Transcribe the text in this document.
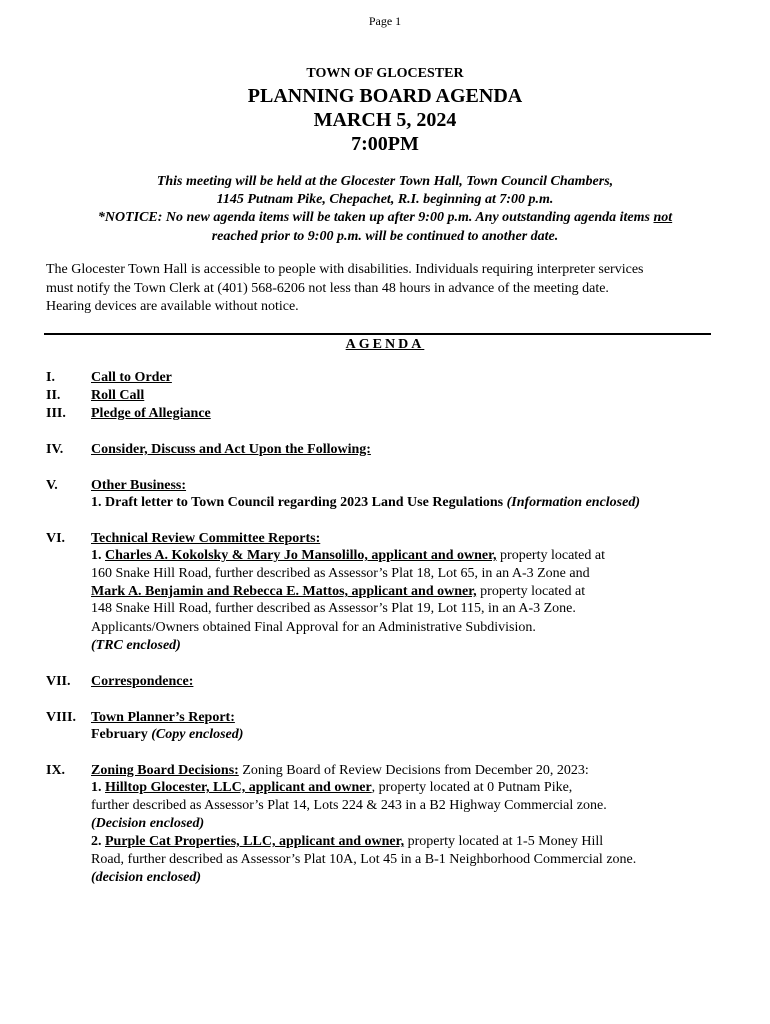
Page 1
TOWN OF GLOCESTER
PLANNING BOARD AGENDA
MARCH 5, 2024
7:00PM
This meeting will be held at the Glocester Town Hall, Town Council Chambers,
1145 Putnam Pike, Chepachet, R.I. beginning at 7:00 p.m.
*NOTICE: No new agenda items will be taken up after 9:00 p.m. Any outstanding agenda items not
reached prior to 9:00 p.m. will be continued to another date.
The Glocester Town Hall is accessible to people with disabilities. Individuals requiring interpreter services
must notify the Town Clerk at (401) 568-6206 not less than 48 hours in advance of the meeting date.
Hearing devices are available without notice.
AGENDA
I.	Call to Order
II. Roll Call
III. Pledge of Allegiance
IV. Consider, Discuss and Act Upon the Following:
V. Other Business:
1. Draft letter to Town Council regarding 2023 Land Use Regulations (Information enclosed)
VI. Technical Review Committee Reports:
1. Charles A. Kokolsky & Mary Jo Mansolillo, applicant and owner, property located at
160 Snake Hill Road, further described as Assessor’s Plat 18, Lot 65, in an A-3 Zone and
Mark A. Benjamin and Rebecca E. Mattos, applicant and owner, property located at
148 Snake Hill Road, further described as Assessor’s Plat 19, Lot 115, in an A-3 Zone.
Applicants/Owners obtained Final Approval for an Administrative Subdivision.
(TRC enclosed)
VII. Correspondence:
VIII. Town Planner’s Report:
February (Copy enclosed)
IX. Zoning Board Decisions: Zoning Board of Review Decisions from December 20, 2023:
1. Hilltop Glocester, LLC, applicant and owner, property located at 0 Putnam Pike,
further described as Assessor’s Plat 14, Lots 224 & 243 in a B2 Highway Commercial zone.
(Decision enclosed)
2. Purple Cat Properties, LLC, applicant and owner, property located at 1-5 Money Hill
Road, further described as Assessor’s Plat 10A, Lot 45 in a B-1 Neighborhood Commercial zone.
(decision enclosed)
